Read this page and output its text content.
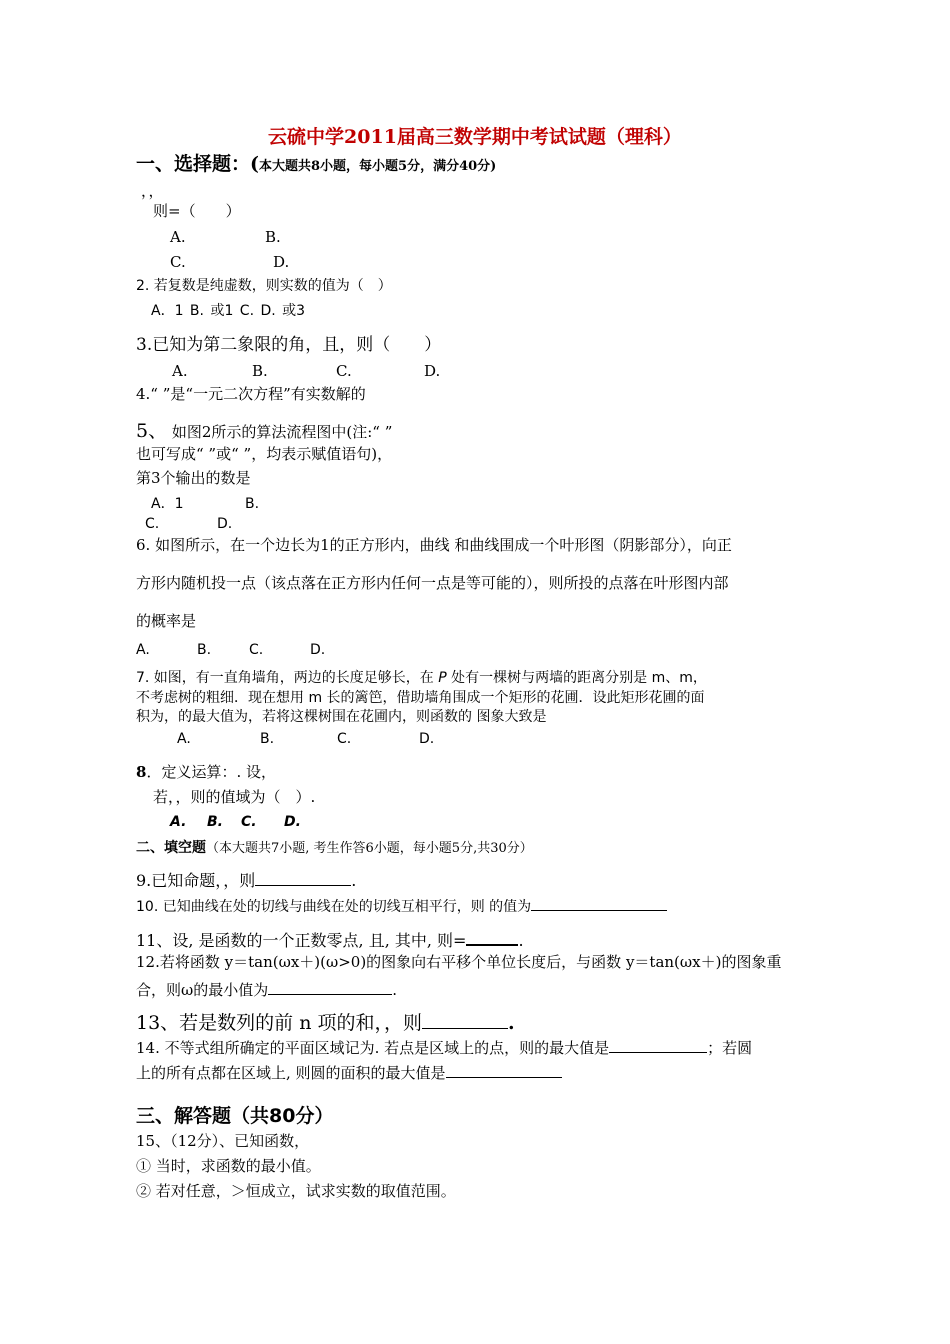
云硫中学2011届高三数学期中考试试题（理科）
一、选择题：(本大题共8小题，每小题5分，满分40分)
，，
则=（　　）
A.	B.
C.	D.
2. 若复数是纯虚数，则实数的值为（　）
A．1 B. 或1 C. D. 或3
3.已知为第二象限的角，且，则（　　）
A.	B.	C.	D.
4.“ ”是“一元二次方程”有实数解的
5、 如图2所示的算法流程图中(注:“ ”
也可写成“ ”或“ ”，均表示赋值语句)，
第3个输出的数是
A．1	B.
C.	D.
6. 如图所示，在一个边长为1的正方形内，曲线 和曲线围成一个叶形图（阴影部分），向正
方形内随机投一点（该点落在正方形内任何一点是等可能的），则所投的点落在叶形图内部
的概率是
A.	B.	C.	D.
7. 如图，有一直角墙角，两边的长度足够长，在 P 处有一棵树与两墙的距离分别是 m、m，
不考虑树的粗细．现在想用 m 长的篱笆，借助墙角围成一个矩形的花圃．设此矩形花圃的面
积为，的最大值为，若将这棵树围在花圃内，则函数的 图象大致是
A.	B.	C.	D.
8．定义运算：. 设，
若，，则的值域为（　）.
A. B. C. D.
二、填空题（本大题共7小题, 考生作答6小题，每小题5分,共30分）
9.已知命题，，则	.
10. 已知曲线在处的切线与曲线在处的切线互相平行，则 的值为
11、设, 是函数的一个正数零点, 且, 其中, 则=	.
12.若将函数 y＝tan(ωx＋)(ω>0)的图象向右平移个单位长度后，与函数 y＝tan(ωx＋)的图象重
合，则ω的最小值为	.
13、若是数列的前 n 项的和，，则	.
14. 不等式组所确定的平面区域记为. 若点是区域上的点，则的最大值是	；若圆
上的所有点都在区域上, 则圆的面积的最大值是
三、解答题（共80分）
15、（12分）、已知函数，
① 当时，求函数的最小值。
② 若对任意，＞恒成立，试求实数的取值范围。
